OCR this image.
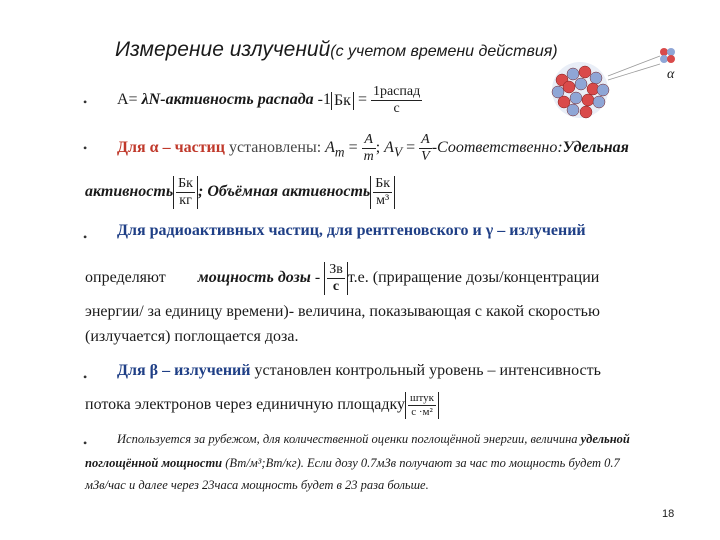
Измерение излучений(с учетом времени действия)
α
• A= λN-активность распада -1 Бк = $\frac{\text{1распад}}{с}$
• Для α – частиц установлены: $A_m = \frac{A}{m}$ ; $A_V = \frac{A}{V}$ -Соответственно:Удельная
активность $\frac{Бк}{кг}$ ; Объёмная активность $\frac{Бк}{\text{м³}}$
• Для радиоактивных частиц, для рентгеновского и γ – излучений
определяют мощность дозы - $\frac{Зв}{с} т.е$. (приращение дозы/концентрации
энергии/ за единицу времени)- величина, показывающая с какой скоростью
(излучается) поглощается доза.
• Для β – излучений установлен контрольный уровень – интенсивность
потока электронов через единичную площадку $\frac{\text{штук}}{\text{с ·м²}}$
• Используется за рубежом, для количественной оценки поглощённой энергии, величина удельной
поглощённой мощности (Вт/м³;Вт/кг). Если дозу 0.7мЗв получают за час то мощность будет 0.7
мЗв/час и далее через 23часа мощность будет в 23 раза больше.
18
